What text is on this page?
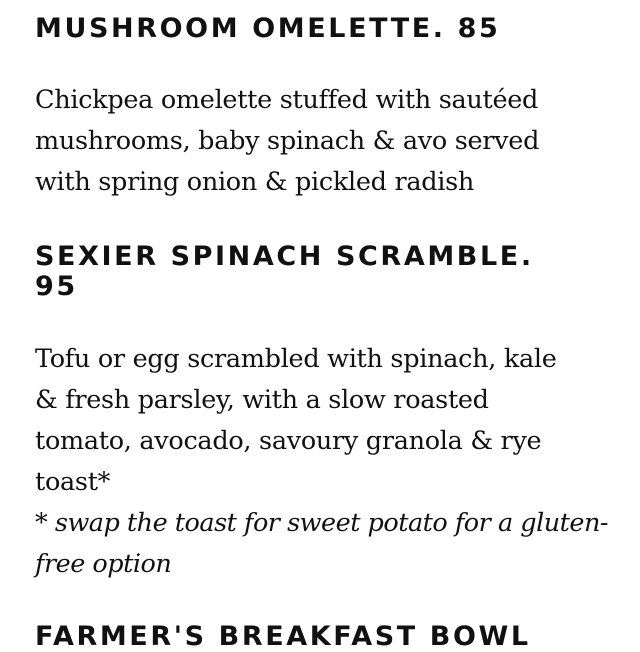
MUSHROOM OMELETTE. 85

Chickpea omelette stuffed with sautéed
mushrooms, baby spinach & avo served
with spring onion & pickled radish

SEXIER SPINACH SCRAMBLE.
95

Tofu or egg scrambled with spinach, kale
& fresh parsley, with a slow roasted
tomato, avocado, savoury granola & rye
toast*

* swap the toast for sweet potato for a gluten-
free option

FARMER'S BREAKFAST BOWL
